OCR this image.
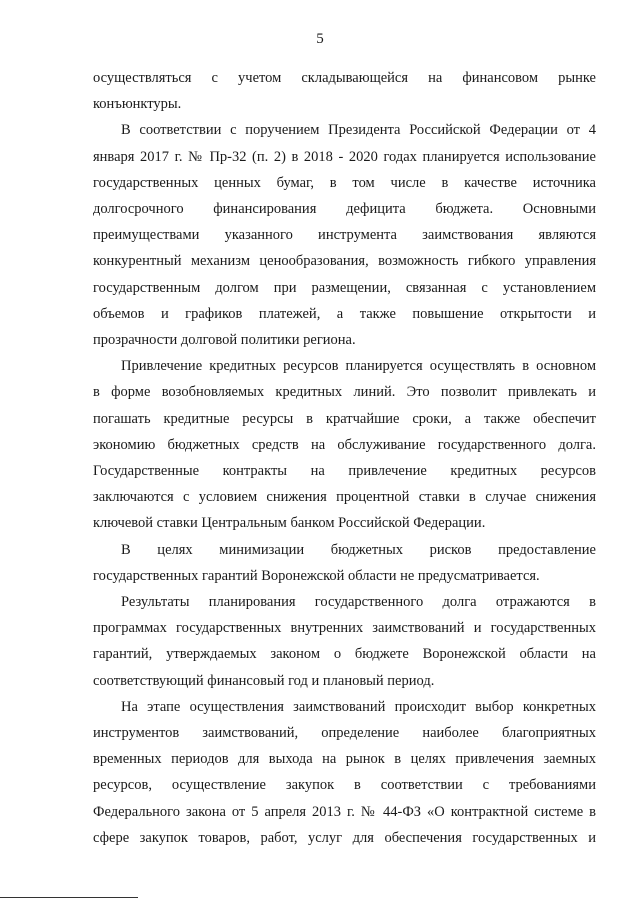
5

осуществляться с учетом складывающейся на финансовом рынке
конъюнктуры.

В соответствии с поручением Президента Российской Федерации от 4
января 2017 г. № Пр-32 (п. 2) в 2018 - 2020 годах планируется использование
государственных ценных бумаг, в том числе в качестве источника
долгосрочного финансирования дефицита бюджета. Основными
преимуществами указанного инструмента заимствования являются
конкурентный механизм ценообразования, возможность гибкого управления
государственным долгом при размещении, связанная с установлением
объемов и графиков платежей, а также повышение открытости и
прозрачности долговой политики региона.

Привлечение кредитных ресурсов планируется осуществлять в основном
в форме возобновляемых кредитных линий. Это позволит привлекать и
погашать кредитные ресурсы в кратчайшие сроки, а также обеспечит
экономию бюджетных средств на обслуживание государственного долга.
Государственные контракты на привлечение кредитных ресурсов
заключаются с условием снижения процентной ставки в случае снижения
ключевой ставки Центральным банком Российской Федерации.

В целях минимизации бюджетных рисков предоставление
государственных гарантий Воронежской области не предусматривается.

Результаты планирования государственного долга отражаются в
программах государственных внутренних заимствований и государственных
гарантий, утверждаемых законом о бюджете Воронежской области на
соответствующий финансовый год и плановый период.

На этапе осуществления заимствований происходит выбор конкретных
инструментов заимствований, определение наиболее благоприятных
временных периодов для выхода на рынок в целях привлечения заемных
ресурсов, осуществление закупок в соответствии с требованиями
Федерального закона от 5 апреля 2013 г. № 44-ФЗ «О контрактной системе в
сфере закупок товаров, работ, услуг для обеспечения государственных и
